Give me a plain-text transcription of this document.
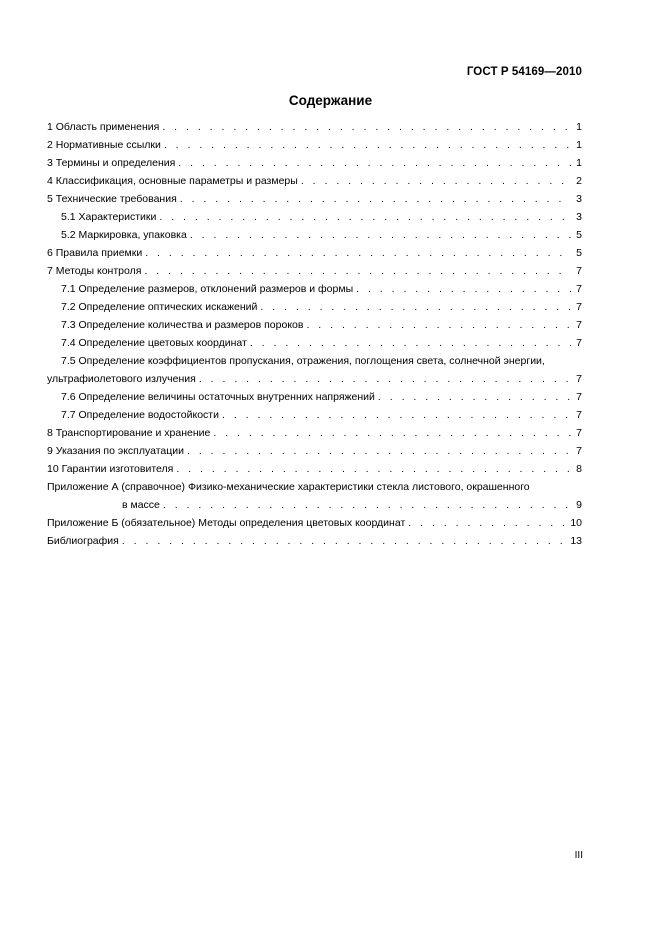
ГОСТ Р 54169—2010
Содержание
1 Область применения . . .	1
2 Нормативные ссылки . . .	1
3 Термины и определения . . .	1
4 Классификация, основные параметры и размеры . . .	2
5 Технические требования . . .	3
5.1 Характеристики . . .	3
5.2 Маркировка, упаковка . . .	5
6 Правила приемки . . .	5
7 Методы контроля . . .	7
7.1 Определение размеров, отклонений размеров и формы . . .	7
7.2 Определение оптических искажений . . .	7
7.3 Определение количества и размеров пороков . . .	7
7.4 Определение цветовых координат . . .	7
7.5 Определение коэффициентов пропускания, отражения, поглощения света, солнечной энергии,
ультрафиолетового излучения . . .	7
7.6 Определение величины остаточных внутренних напряжений . . .	7
7.7 Определение водостойкости . . .	7
8 Транспортирование и хранение . . .	7
9 Указания по эксплуатации . . .	7
10 Гарантии изготовителя . . .	8
Приложение А (справочное) Физико-механические характеристики стекла листового, окрашенного
в массе . . .	9
Приложение Б (обязательное) Методы определения цветовых координат . . .	10
Библиография . . .	13
III
